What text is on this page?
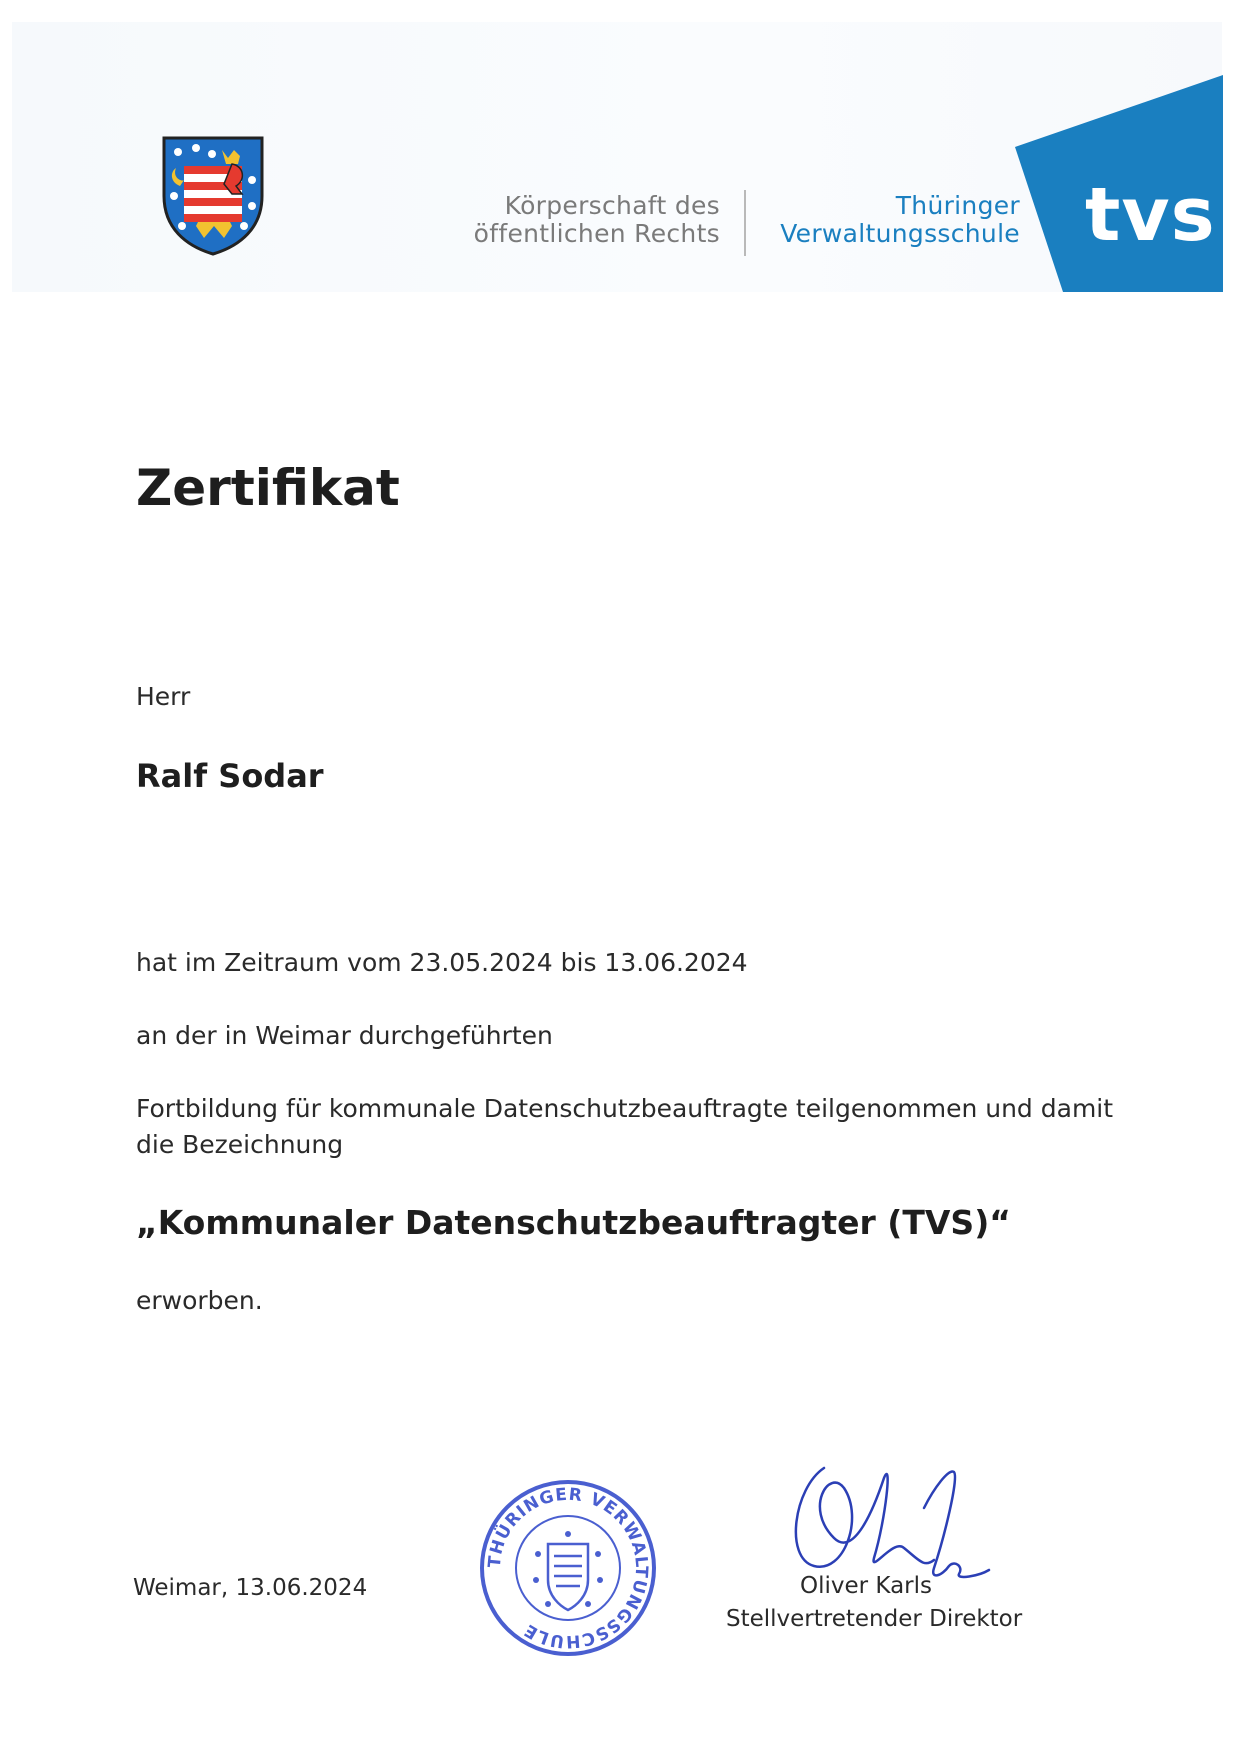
Körperschaft des
öffentlichen Rechts
Thüringer
Verwaltungsschule tvs
Zertifikat

Herr

Ralf Sodar

hat im Zeitraum vom 23.05.2024 bis 13.06.2024

an der in Weimar durchgeführten

Fortbildung für kommunale Datenschutzbeauftragte teilgenommen und damit

die Bezeichnung

„Kommunaler Datenschutzbeauftragter (TVS)“

erworben.

Weimar, 13.06.2024

THÜRINGER VERWALTUNGSSCHULE

Oliver Karls

Stellvertretender Direktor
